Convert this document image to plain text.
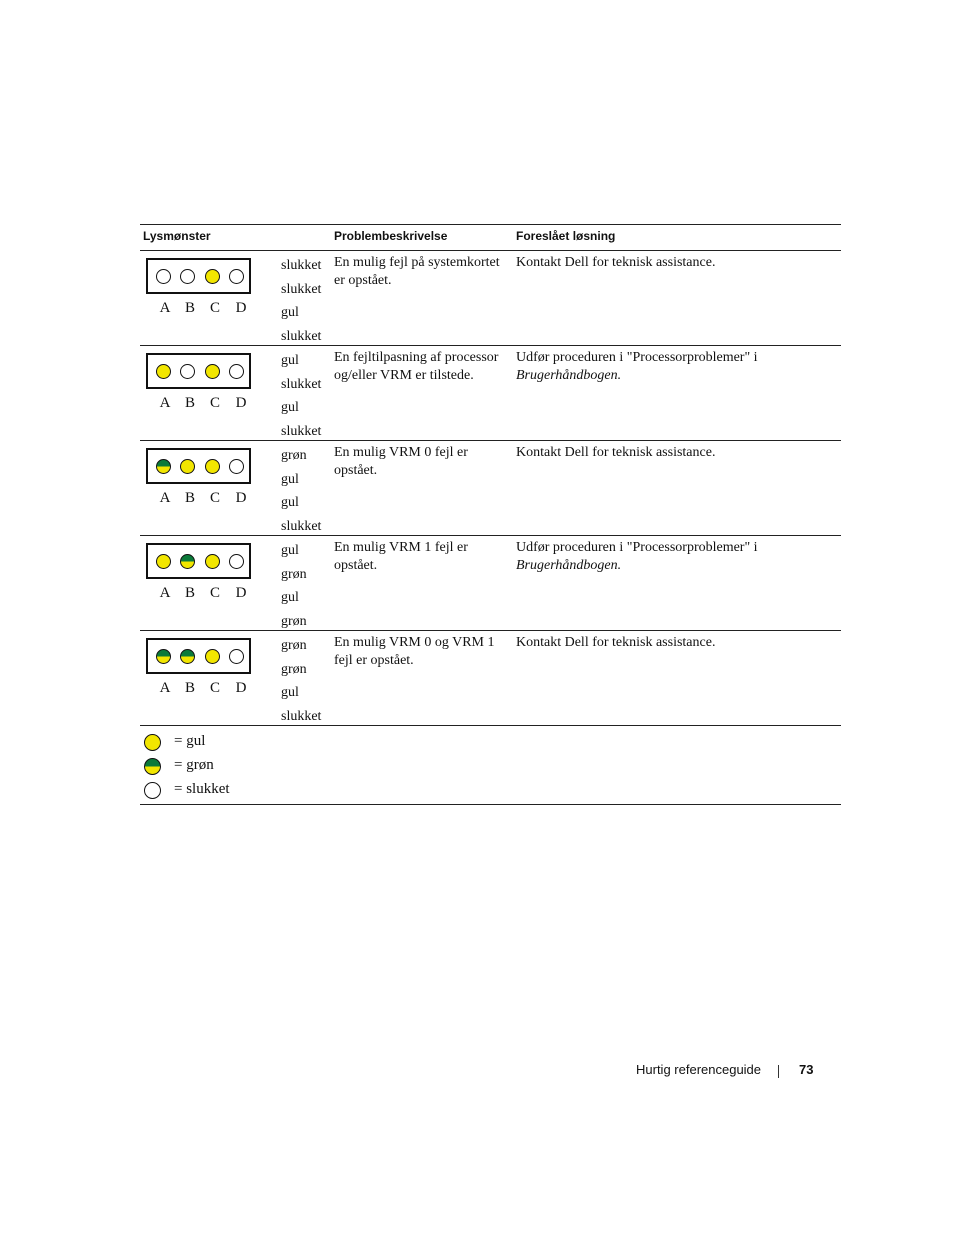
Lysmønster	Problembeskrivelse	Foreslået løsning
A B C D
slukket
slukket
gul
slukket
En mulig fejl på systemkortet er opstået.
Kontakt Dell for teknisk assistance.
A B C D
gul
slukket
gul
slukket
En fejltilpasning af processor og/eller VRM er tilstede.
Udfør proceduren i "Processorproblemer" i Brugerhåndbogen.
A B C D
grøn
gul
gul
slukket
En mulig VRM 0 fejl er opstået.
Kontakt Dell for teknisk assistance.
A B C D
gul
grøn
gul
grøn
En mulig VRM 1 fejl er opstået.
Udfør proceduren i "Processorproblemer" i Brugerhåndbogen.
A B C D
grøn
grøn
gul
slukket
En mulig VRM 0 og VRM 1 fejl er opstået.
Kontakt Dell for teknisk assistance.
= gul
= grøn
= slukket
Hurtig referenceguide	73
